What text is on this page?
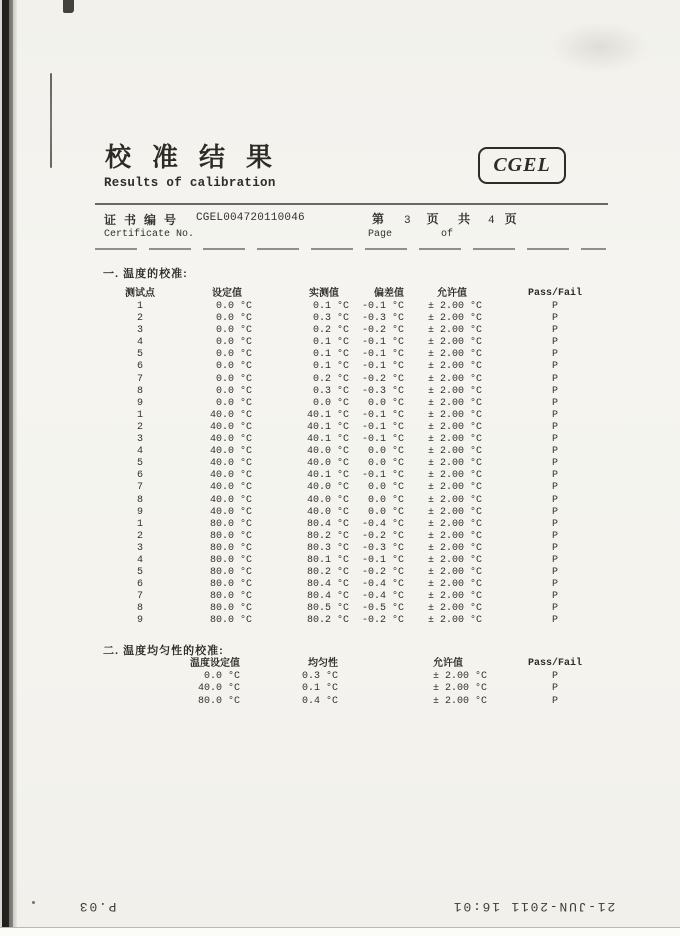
校准结果
Results of calibration
CGEL
证书编号
Certificate No.
CGEL004720110046	第 3 页 共 4 页
Page	of
一. 温度的校准:
测试点	设定值	实测值	偏差值	允许值	Pass/Fail
1	0.0 °C	0.1 °C	-0.1 °C	± 2.00 °C	P
2	0.0 °C	0.3 °C	-0.3 °C	± 2.00 °C	P
3	0.0 °C	0.2 °C	-0.2 °C	± 2.00 °C	P
4	0.0 °C	0.1 °C	-0.1 °C	± 2.00 °C	P
5	0.0 °C	0.1 °C	-0.1 °C	± 2.00 °C	P
6	0.0 °C	0.1 °C	-0.1 °C	± 2.00 °C	P
7	0.0 °C	0.2 °C	-0.2 °C	± 2.00 °C	P
8	0.0 °C	0.3 °C	-0.3 °C	± 2.00 °C	P
9	0.0 °C	0.0 °C	0.0 °C	± 2.00 °C	P
1	40.0 °C	40.1 °C	-0.1 °C	± 2.00 °C	P
2	40.0 °C	40.1 °C	-0.1 °C	± 2.00 °C	P
3	40.0 °C	40.1 °C	-0.1 °C	± 2.00 °C	P
4	40.0 °C	40.0 °C	0.0 °C	± 2.00 °C	P
5	40.0 °C	40.0 °C	0.0 °C	± 2.00 °C	P
6	40.0 °C	40.1 °C	-0.1 °C	± 2.00 °C	P
7	40.0 °C	40.0 °C	0.0 °C	± 2.00 °C	P
8	40.0 °C	40.0 °C	0.0 °C	± 2.00 °C	P
9	40.0 °C	40.0 °C	0.0 °C	± 2.00 °C	P
1	80.0 °C	80.4 °C	-0.4 °C	± 2.00 °C	P
2	80.0 °C	80.2 °C	-0.2 °C	± 2.00 °C	P
3	80.0 °C	80.3 °C	-0.3 °C	± 2.00 °C	P
4	80.0 °C	80.1 °C	-0.1 °C	± 2.00 °C	P
5	80.0 °C	80.2 °C	-0.2 °C	± 2.00 °C	P
6	80.0 °C	80.4 °C	-0.4 °C	± 2.00 °C	P
7	80.0 °C	80.4 °C	-0.4 °C	± 2.00 °C	P
8	80.0 °C	80.5 °C	-0.5 °C	± 2.00 °C	P
9	80.0 °C	80.2 °C	-0.2 °C	± 2.00 °C	P
二. 温度均匀性的校准:
温度设定值	均匀性	允许值	Pass/Fail
0.0 °C	0.3 °C	± 2.00 °C	P
40.0 °C	0.1 °C	± 2.00 °C	P
80.0 °C	0.4 °C	± 2.00 °C	P
P.03	21-JUN-2011 16:01
